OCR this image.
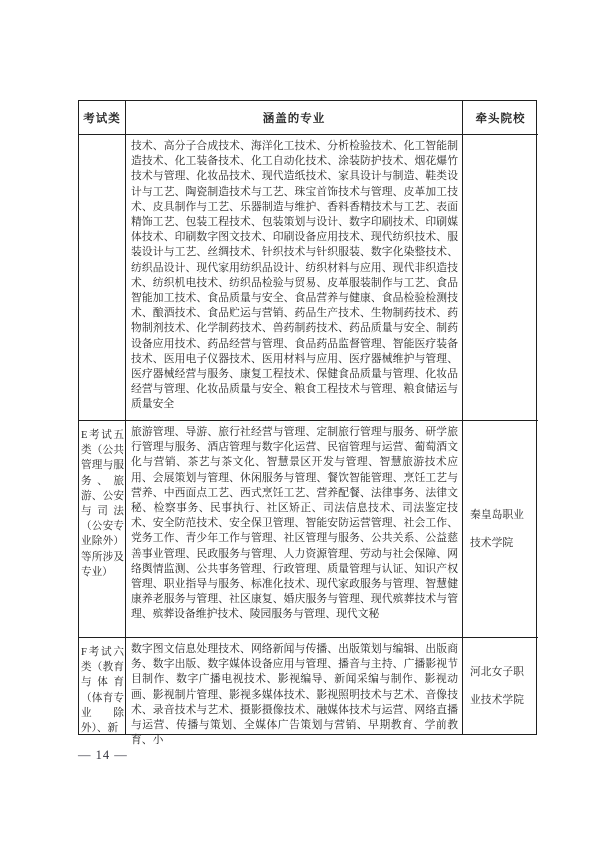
考试类	涵盖的专业	牵头院校
技术、高分子合成技术、海洋化工技术、分析检验技术、化工智能制造技术、化工装备技术、化工自动化技术、涂装防护技术、烟花爆竹技术与管理、化妆品技术、现代造纸技术、家具设计与制造、鞋类设计与工艺、陶瓷制造技术与工艺、珠宝首饰技术与管理、皮革加工技术、皮具制作与工艺、乐器制造与维护、香料香精技术与工艺、表面精饰工艺、包装工程技术、包装策划与设计、数字印刷技术、印刷媒体技术、印刷数字图文技术、印刷设备应用技术、现代纺织技术、服装设计与工艺、丝绸技术、针织技术与针织服装、数字化染整技术、纺织品设计、现代家用纺织品设计、纺织材料与应用、现代非织造技术、纺织机电技术、纺织品检验与贸易、皮革服装制作与工艺、食品智能加工技术、食品质量与安全、食品营养与健康、食品检验检测技术、酿酒技术、食品贮运与营销、药品生产技术、生物制药技术、药物制剂技术、化学制药技术、兽药制药技术、药品质量与安全、制药设备应用技术、药品经营与管理、食品药品监督管理、智能医疗装备技术、医用电子仪器技术、医用材料与应用、医疗器械维护与管理、医疗器械经营与服务、康复工程技术、保健食品质量与管理、化妆品经营与管理、化妆品质量与安全、粮食工程技术与管理、粮食储运与质量安全
E考试五类（公共管理与服务、旅游、公安与司法（公安专业除外）等所涉及专业）
旅游管理、导游、旅行社经营与管理、定制旅行管理与服务、研学旅行管理与服务、酒店管理与数字化运营、民宿管理与运营、葡萄酒文化与营销、茶艺与茶文化、智慧景区开发与管理、智慧旅游技术应用、会展策划与管理、休闲服务与管理、餐饮智能管理、烹饪工艺与营养、中西面点工艺、西式烹饪工艺、营养配餐、法律事务、法律文秘、检察事务、民事执行、社区矫正、司法信息技术、司法鉴定技术、安全防范技术、安全保卫管理、智能安防运营管理、社会工作、党务工作、青少年工作与管理、社区管理与服务、公共关系、公益慈善事业管理、民政服务与管理、人力资源管理、劳动与社会保障、网络舆情监测、公共事务管理、行政管理、质量管理与认证、知识产权管理、职业指导与服务、标准化技术、现代家政服务与管理、智慧健康养老服务与管理、社区康复、婚庆服务与管理、现代殡葬技术与管理、殡葬设备维护技术、陵园服务与管理、现代文秘
秦皇岛职业技术学院
F考试六类（教育与体育（体育专业除外）、新
数字图文信息处理技术、网络新闻与传播、出版策划与编辑、出版商务、数字出版、数字媒体设备应用与管理、播音与主持、广播影视节目制作、数字广播电视技术、影视编导、新闻采编与制作、影视动画、影视制片管理、影视多媒体技术、影视照明技术与艺术、音像技术、录音技术与艺术、摄影摄像技术、融媒体技术与运营、网络直播与运营、传播与策划、全媒体广告策划与营销、早期教育、学前教育、小
河北女子职业技术学院
— 14 —
